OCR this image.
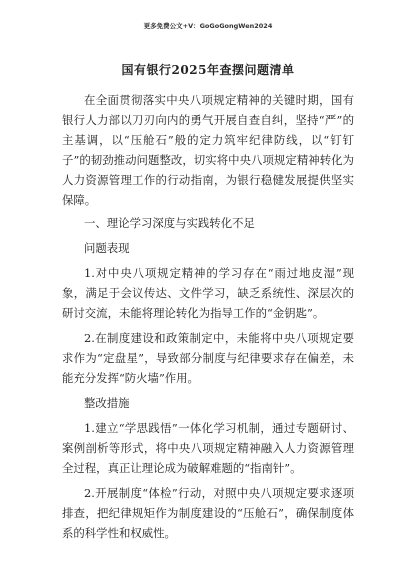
更多免费公文+V：GoGoGongWen2024
国有银行2025年查摆问题清单

在全面贯彻落实中央八项规定精神的关键时期，国有银行人力部以刀刃向内的勇气开展自查自纠，坚持“严”的主基调，以“压舱石”般的定力筑牢纪律防线，以“钉钉子”的韧劲推动问题整改，切实将中央八项规定精神转化为人力资源管理工作的行动指南，为银行稳健发展提供坚实保障。

一、理论学习深度与实践转化不足
问题表现

1.对中央八项规定精神的学习存在“雨过地皮湿”现象，满足于会议传达、文件学习，缺乏系统性、深层次的研讨交流，未能将理论转化为指导工作的“金钥匙”。

2.在制度建设和政策制定中，未能将中央八项规定要求作为“定盘星”，导致部分制度与纪律要求存在偏差，未能充分发挥“防火墙”作用。

整改措施

1.建立“学思践悟”一体化学习机制，通过专题研讨、案例剖析等形式，将中央八项规定精神融入人力资源管理全过程，真正让理论成为破解难题的“指南针”。

2.开展制度“体检”行动，对照中央八项规定要求逐项排查，把纪律规矩作为制度建设的“压舱石”，确保制度体系的科学性和权威性。
